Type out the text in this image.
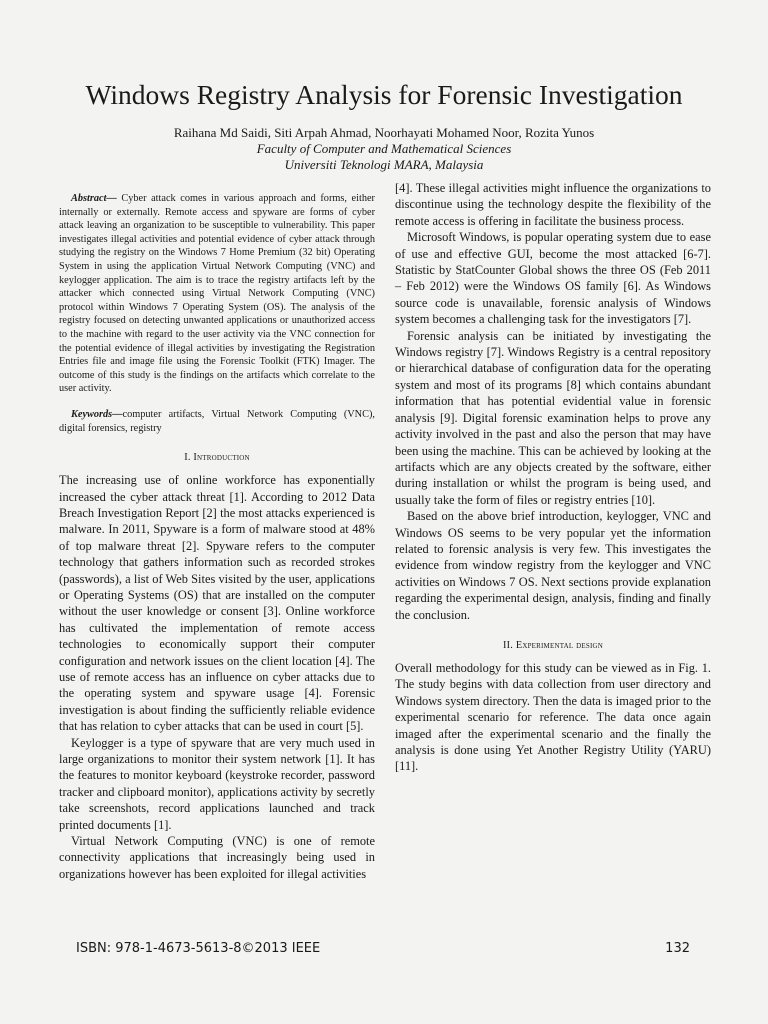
Windows Registry Analysis for Forensic Investigation
Raihana Md Saidi, Siti Arpah Ahmad, Noorhayati Mohamed Noor, Rozita Yunos
Faculty of Computer and Mathematical Sciences
Universiti Teknologi MARA, Malaysia

Abstract— Cyber attack comes in various approach and forms, either internally or externally. Remote access and spyware are forms of cyber attack leaving an organization to be susceptible to vulnerability. This paper investigates illegal activities and potential evidence of cyber attack through studying the registry on the Windows 7 Home Premium (32 bit) Operating System in using the application Virtual Network Computing (VNC) and keylogger application. The aim is to trace the registry artifacts left by the attacker which connected using Virtual Network Computing (VNC) protocol within Windows 7 Operating System (OS). The analysis of the registry focused on detecting unwanted applications or unauthorized access to the machine with regard to the user activity via the VNC connection for the potential evidence of illegal activities by investigating the Registration Entries file and image file using the Forensic Toolkit (FTK) Imager. The outcome of this study is the findings on the artifacts which correlate to the user activity.

Keywords—computer artifacts, Virtual Network Computing (VNC), digital forensics, registry

I. Introduction

The increasing use of online workforce has exponentially increased the cyber attack threat [1]. According to 2012 Data Breach Investigation Report [2] the most attacks experienced is malware. In 2011, Spyware is a form of malware stood at 48% of top malware threat [2]. Spyware refers to the computer technology that gathers information such as recorded strokes (passwords), a list of Web Sites visited by the user, applications or Operating Systems (OS) that are installed on the computer without the user knowledge or consent [3]. Online workforce has cultivated the implementation of remote access technologies to economically support their computer configuration and network issues on the client location [4]. The use of remote access has an influence on cyber attacks due to the operating system and spyware usage [4]. Forensic investigation is about finding the sufficiently reliable evidence that has relation to cyber attacks that can be used in court [5].

Keylogger is a type of spyware that are very much used in large organizations to monitor their system network [1]. It has the features to monitor keyboard (keystroke recorder, password tracker and clipboard monitor), applications activity by secretly take screenshots, record applications launched and track printed documents [1].

Virtual Network Computing (VNC) is one of remote connectivity applications that increasingly being used in organizations however has been exploited for illegal activities

[4]. These illegal activities might influence the organizations to discontinue using the technology despite the flexibility of the remote access is offering in facilitate the business process.

Microsoft Windows, is popular operating system due to ease of use and effective GUI, become the most attacked [6-7]. Statistic by StatCounter Global shows the three OS (Feb 2011 – Feb 2012) were the Windows OS family [6]. As Windows source code is unavailable, forensic analysis of Windows system becomes a challenging task for the investigators [7].

Forensic analysis can be initiated by investigating the Windows registry [7]. Windows Registry is a central repository or hierarchical database of configuration data for the operating system and most of its programs [8] which contains abundant information that has potential evidential value in forensic analysis [9]. Digital forensic examination helps to prove any activity involved in the past and also the person that may have been using the machine. This can be achieved by looking at the artifacts which are any objects created by the software, either during installation or whilst the program is being used, and usually take the form of files or registry entries [10].

Based on the above brief introduction, keylogger, VNC and Windows OS seems to be very popular yet the information related to forensic analysis is very few. This investigates the evidence from window registry from the keylogger and VNC activities on Windows 7 OS. Next sections provide explanation regarding the experimental design, analysis, finding and finally the conclusion.

II. Experimental design

Overall methodology for this study can be viewed as in Fig. 1. The study begins with data collection from user directory and Windows system directory. Then the data is imaged prior to the experimental scenario for reference. The data once again imaged after the experimental scenario and the finally the analysis is done using Yet Another Registry Utility (YARU) [11].

ISBN: 978-1-4673-5613-8©2013 IEEE	132
